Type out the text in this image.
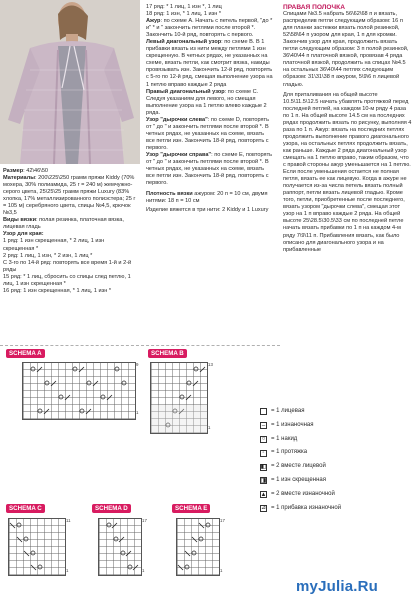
Размер: 42\46\50

Материалы: 200\225\250 грамм пряжи Kiddy (70% мохера, 30% полиамида, 25 г = 240 м) жемчужно-серого цвета, 25\25\25 грамм пряжи Luxury (83% хлопка, 17% металлизированного полиэстера; 25 г = 105 м) серебряного цвета, спицы №4,5, крючок №3,5

Виды вязки: полая резинка, платочная вязка, лицевая гладь

Узор для края:

1 ряд: 1 изн скрещенная, * 2 лиц, 1 изн скрещенная *

2 ряд: 1 лиц, 1 изн, * 2 изн, 1 лиц *

С 3-го по 14-й ряд: повторять все время 1-й и 2-й ряды

15 ряд: * 1 лиц, сбросить со спицы след петлю, 1 лиц, 1 изн скрещенная *

16 ряд: 1 изн скрещенная, * 1 лиц, 1 изн *

17 ряд: * 1 лиц, 1 изн *, 1 лиц

18 ряд: 1 изн, * 1 лиц, 1 изн *

Ажур: по схеме А. Начать с петель первой, "до * и" * и " закончить петлями после второй *. Закончить 10-й ряд, повторять с первого.

Левый диагональный узор: по схеме В. В 1 прибавки вязать из нити между петлями 1 изн скрещенную. В четных рядах, не указанных на схеме, вязать петли, как смотрит вязка, накиды провязывать изн. Закончить 12-й ряд, повторять с 5-го по 12-й ряд, смещая выполнение узора на 1 петлю вправо каждые 2 ряда

Правый диагональный узор: по схеме С. Следуя указаниям для левого, но смещая выполнение узора на 1 петлю влево каждые 2 ряда.

Узор "дырочки слева": по схеме D, повторять от " до " и закончить петлями после второй *. В четных рядах, не указанных на схеме, вязать все петли изн. Закончить 18-й ряд, повторять с первого.

Узор "дырочки справа": по схеме E, повторять от " до " и закончить петлями после второй *. В четных рядах, не указанных на схеме, вязать все петли изн. Закончить 18-й ряд, повторять с первого.

Плотность вязки ажуром: 20 п = 10 см, двумя нитями: 18 п = 10 см

Изделие вяжется в три нити: 2 Kiddy и 1 Luxury

ПРАВАЯ ПОЛОЧКА

Спицами №3.5 набрать 56\62\68 п и вязать, распределив петли следующим образом: 16 п для планки застежки вязать полой резинкой, 52\58\64 п узором для края, 1 п для кромки. Закончив узор для края, продолжить вязать петли следующим образом: 3 п полой резинкой, 36\40\44 п платочной вязкой, провязав 4 ряда платочной вязкой, продолжить на спицах №4.5 на остальных 36\40\44 петлях следующим образом: 31\31\38 п ажуром, 5\9\6 п лицевой гладью.

Для приталивания на общей высоте 10.5\11.5\12.5 начать убавлять протяжкой перед последней петлей, на каждом 10-м ряду 4 раза по 1 п. На общей высоте 14.5 см на последних рядах продолжить вязать по рисунку, выполняя 4 раза по 1 п. Ажур: вязать на последних петлях продолжить выполнение правого диагонального узора, на остальных петлях продолжить вязать, как раньше. Каждые 2 ряда диагональный узор смещать на 1 петлю вправо, таким образом, что с правой стороны ажур уменьшается на 1 петлю. Если после уменьшения остается не полная петля, вязать ее как лицевую. Когда в ажуре не получается из-за числа петель вязать полный раппорт, петли вязать лицевой гладью. Кроме того, петли, приобретенные после последнего, вязать узором "дырочки слева", смещая этот узор на 1 п вправо каждые 2 ряда. На общей высоте 25\28.5\30.5\33 см по последней петле начать вязать прибавки по 1 п на каждом 4-м ряду 7\9\11 п. Прибавления вязать, как было описано для диагонального узора и на прибавленные

SCHEMA A
9
1
SCHEMA B
13
1
SCHEMA C
11
1
SCHEMA D
17
1
SCHEMA E
17
1
= 1 лицевая
– = 1 изнаночная
○ = 1 накид
◦	= 1 протяжка
◧ = 2 вместе лицевой
◨ = 1 изн скрещенная
▲ = 2 вместе изнаночной
⊿ = 1 прибавка изнаночной
myJulia.Ru
